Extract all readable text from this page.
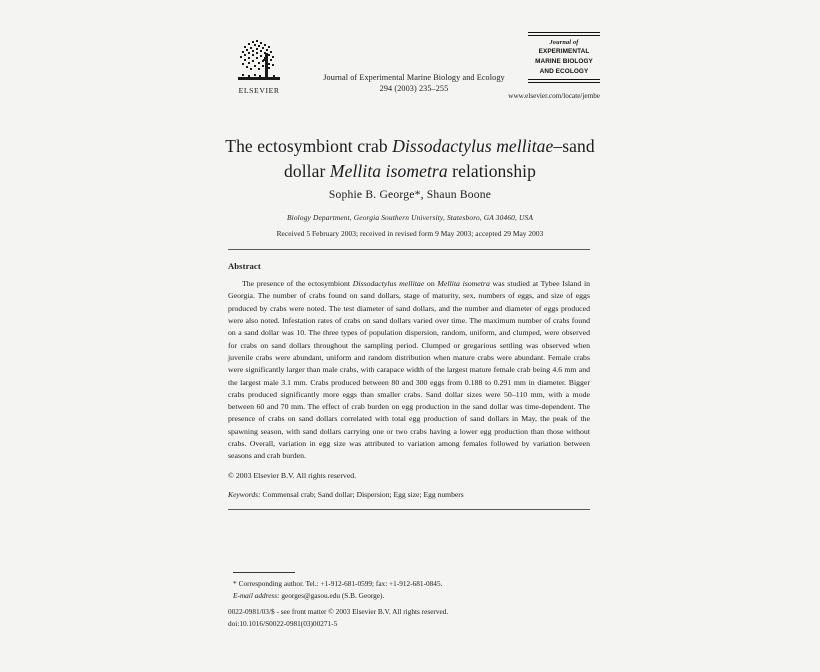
ELSEVIER
Journal of Experimental Marine Biology and Ecology
294 (2003) 235–255
Journal of
EXPERIMENTAL
MARINE BIOLOGY
AND ECOLOGY
www.elsevier.com/locate/jembe
The ectosymbiont crab Dissodactylus mellitae–sand
dollar Mellita isometra relationship
Sophie B. George*, Shaun Boone
Biology Department, Georgia Southern University, Statesboro, GA 30460, USA
Received 5 February 2003; received in revised form 9 May 2003; accepted 29 May 2003
Abstract

The presence of the ectosymbiont Dissodactylus mellitae on Mellita isometra was studied at Tybee Island in Georgia. The number of crabs found on sand dollars, stage of maturity, sex, numbers of eggs, and size of eggs produced by crabs were noted. The test diameter of sand dollars, and the number and diameter of eggs produced were also noted. Infestation rates of crabs on sand dollars varied over time. The maximum number of crabs found on a sand dollar was 10. The three types of population dispersion, random, uniform, and clumped, were observed for crabs on sand dollars throughout the sampling period. Clumped or gregarious settling was observed when juvenile crabs were abundant, uniform and random distribution when mature crabs were abundant. Female crabs were significantly larger than male crabs, with carapace width of the largest mature female crab being 4.6 mm and the largest male 3.1 mm. Crabs produced between 80 and 300 eggs from 0.188 to 0.291 mm in diameter. Bigger crabs produced significantly more eggs than smaller crabs. Sand dollar sizes were 50–110 mm, with a mode between 60 and 70 mm. The effect of crab burden on egg production in the sand dollar was time-dependent. The presence of crabs on sand dollars correlated with total egg production of sand dollars in May, the peak of the spawning season, with sand dollars carrying one or two crabs having a lower egg production than those without crabs. Overall, variation in egg size was attributed to variation among females followed by variation between seasons and crab burden.

© 2003 Elsevier B.V. All rights reserved.
Keywords: Commensal crab; Sand dollar; Dispersion; Egg size; Egg numbers
* Corresponding author. Tel.: +1-912-681-0599; fax: +1-912-681-0845.
E-mail address: georges@gasou.edu (S.B. George).
0022-0981/03/$ - see front matter © 2003 Elsevier B.V. All rights reserved.
doi:10.1016/S0022-0981(03)00271-5
